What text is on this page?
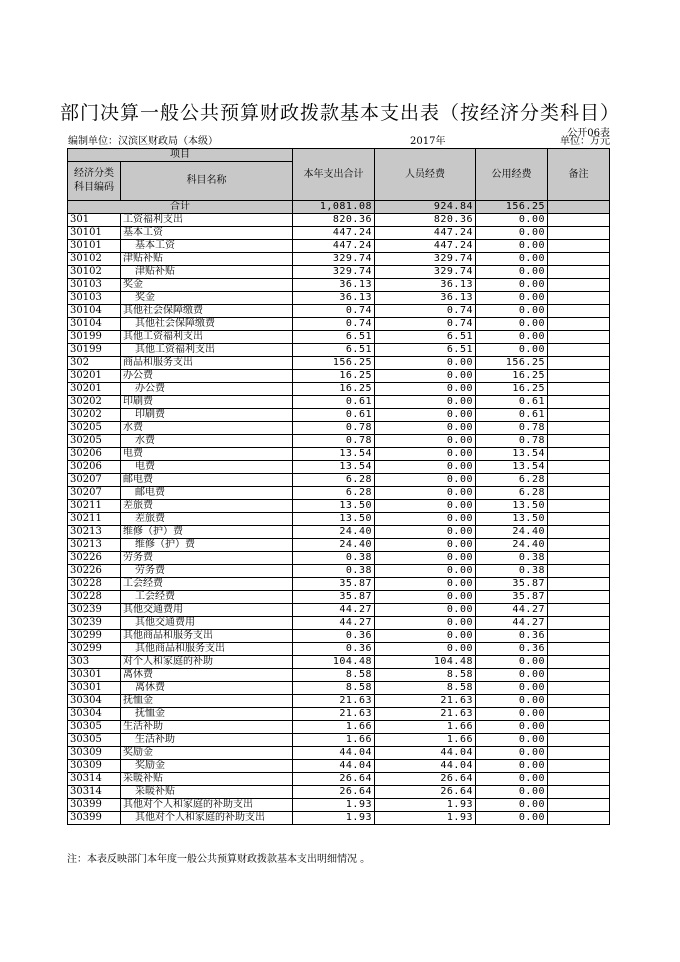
部门决算一般公共预算财政拨款基本支出表（按经济分类科目）
公开06表
编制单位：汉滨区财政局（本级）	2017年	单位：万元
项目		本年支出合计	人员经费	公用经费	备注

经济分类
科目编码	科目名称				
合计		1,081.08	924.84	156.25	
301	工资福利支出	820.36	820.36	0.00	
30101	基本工资	447.24	447.24	0.00	
30101	基本工资	447.24	447.24	0.00	
30102	津贴补贴	329.74	329.74	0.00	
30102	津贴补贴	329.74	329.74	0.00	
30103	奖金	36.13	36.13	0.00	
30103	奖金	36.13	36.13	0.00	
30104	其他社会保障缴费	0.74	0.74	0.00	
30104	其他社会保障缴费	0.74	0.74	0.00	
30199	其他工资福利支出	6.51	6.51	0.00	
30199	其他工资福利支出	6.51	6.51	0.00	
302	商品和服务支出	156.25	0.00	156.25	
30201	办公费	16.25	0.00	16.25	
30201	办公费	16.25	0.00	16.25	
30202	印刷费	0.61	0.00	0.61	
30202	印刷费	0.61	0.00	0.61	
30205	水费	0.78	0.00	0.78	
30205	水费	0.78	0.00	0.78	
30206	电费	13.54	0.00	13.54	
30206	电费	13.54	0.00	13.54	
30207	邮电费	6.28	0.00	6.28	
30207	邮电费	6.28	0.00	6.28	
30211	差旅费	13.50	0.00	13.50	
30211	差旅费	13.50	0.00	13.50	
30213	维修（护）费	24.40	0.00	24.40	
30213	维修（护）费	24.40	0.00	24.40	
30226	劳务费	0.38	0.00	0.38	
30226	劳务费	0.38	0.00	0.38	
30228	工会经费	35.87	0.00	35.87	
30228	工会经费	35.87	0.00	35.87	
30239	其他交通费用	44.27	0.00	44.27	
30239	其他交通费用	44.27	0.00	44.27	
30299	其他商品和服务支出	0.36	0.00	0.36	
30299	其他商品和服务支出	0.36	0.00	0.36	
303	对个人和家庭的补助	104.48	104.48	0.00	
30301	离休费	8.58	8.58	0.00	
30301	离休费	8.58	8.58	0.00	
30304	抚恤金	21.63	21.63	0.00	
30304	抚恤金	21.63	21.63	0.00	
30305	生活补助	1.66	1.66	0.00	
30305	生活补助	1.66	1.66	0.00	
30309	奖励金	44.04	44.04	0.00	
30309	奖励金	44.04	44.04	0.00	
30314	采暖补贴	26.64	26.64	0.00	
30314	采暖补贴	26.64	26.64	0.00	
30399	其他对个人和家庭的补助支出	1.93	1.93	0.00	
30399	其他对个人和家庭的补助支出	1.93	1.93	0.00	
注：本表反映部门本年度一般公共预算财政拨款基本支出明细情况 。
